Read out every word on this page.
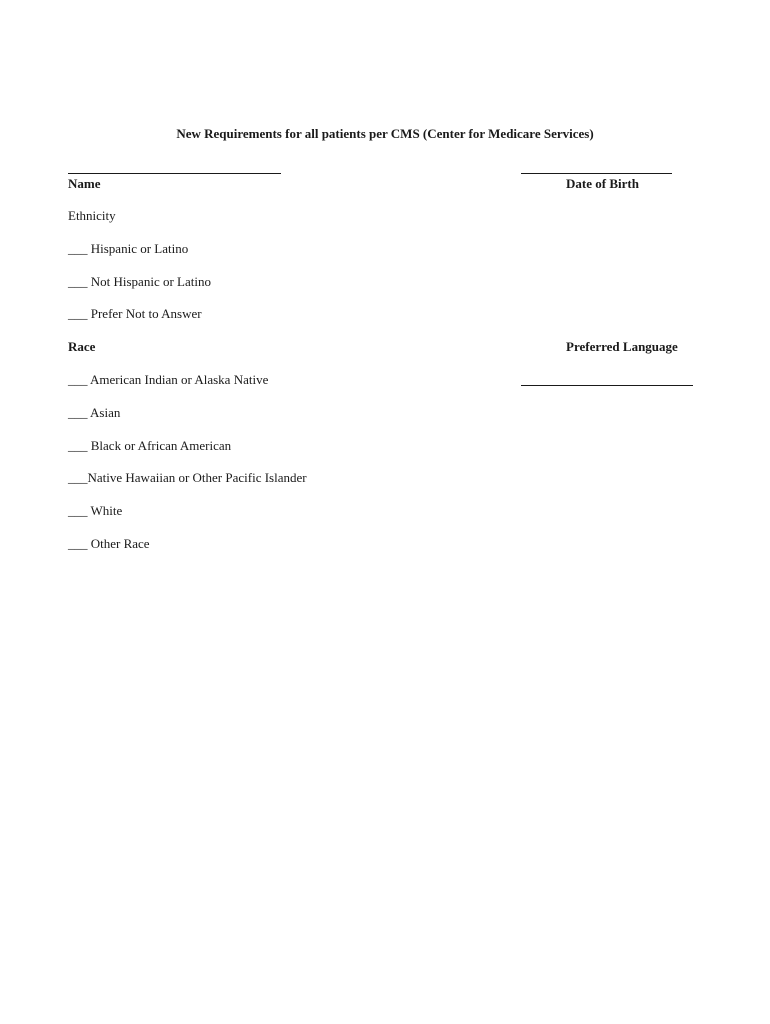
New Requirements for all patients per CMS (Center for Medicare Services)
Name	Date of Birth
Ethnicity
___ Hispanic or Latino
___ Not Hispanic or Latino
___ Prefer Not to Answer
Race	Preferred Language
___ American Indian or Alaska Native
___ Asian
___ Black or African American
___Native Hawaiian or Other Pacific Islander
___ White
___ Other Race
